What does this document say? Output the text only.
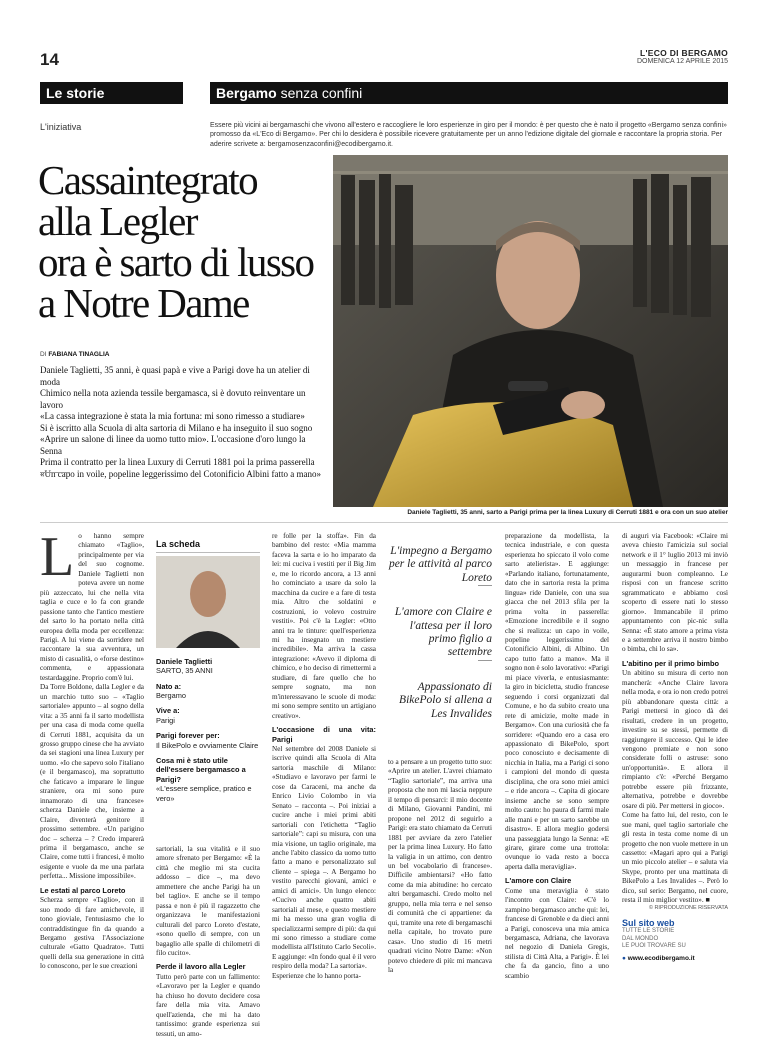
14	L'ECO DI BERGAMO
DOMENICA 12 APRILE 2015
Le storie	Bergamo senza confini
L'iniziativa	Essere più vicini ai bergamaschi che vivono all'estero e raccogliere le loro esperienze in giro per il mondo: è per questo che è nato il progetto «Bergamo senza confini» promosso da «L'Eco di Bergamo». Per chi lo desidera è possibile ricevere gratuitamente per un anno l'edizione digitale del giornale e raccontare la propria storia. Per aderire scrivete a: bergamosenzaconfini@ecodibergamo.it.
Cassaintegrato
alla Legler
ora è sarto di lusso
a Notre Dame
DI FABIANA TINAGLIA

Daniele Taglietti, 35 anni, è quasi papà e vive a Parigi dove ha un atelier di moda

Chimico nella nota azienda tessile bergamasca, si è dovuto reinventare un lavoro

«La cassa integrazione è stata la mia fortuna: mi sono rimesso a studiare»

Si è iscritto alla Scuola di alta sartoria di Milano e ha inseguito il suo sogno

«Aprire un salone di linee da uomo tutto mio». L'occasione d'oro lungo la Senna

Prima il contratto per la linea Luxury di Cerruti 1881 poi la prima passerella

«Un capo in voile, popeline leggerissimo del Cotonificio Albini fatto a mano»

Daniele Taglietti, 35 anni, sarto a Parigi prima per la linea Luxury di Cerruti 1881 e ora con un suo atelier
L o hanno sempre chiamato «Taglio», principalmente per via del suo cognome. Daniele Taglietti non poteva avere un nome più azzeccato, lui che nella vita taglia e cuce e lo fa con grande passione tanto che l'antico mestiere del sarto lo ha portato nella città europea della moda per eccellenza: Parigi. A lui viene da sorridere nel raccontare la sua avventura, un misto di casualità, o «forse destino» commenta, e appassionata testardaggine. Proprio com'è lui.

Da Torre Boldone, dalla Legler e da un marchio tutto suo – «Taglio sartoriale» appunto – al sogno della vita: a 35 anni fa il sarto modellista per una casa di moda come quella di Cerruti 1881, acquisita da un grosso gruppo cinese che ha avviato da sei stagioni una linea Luxury per uomo. «Io che sapevo solo l'italiano (e il bergamasco), ma soprattutto che faticavo a imparare le lingue straniere, ora mi sono pure innamorato di una francese» scherza Daniele che, insieme a Claire, diventerà genitore il prossimo settembre. «Un parigino doc – scherza – ? Credo imparerà prima il bergamasco, anche se Claire, come tutti i francesi, è molto esigente e vuole da me una parlata perfetta... Missione impossibile».

Le estati al parco Loreto

Scherza sempre «Taglio», con il suo modo di fare amichevole, il tono gioviale, l'entusiasmo che lo contraddistingue fin da quando a Bergamo gestiva l'Associazione culturale «Gatto Quadrato». Tutti quelli della sua generazione in città lo conoscono, per le sue creazioni

La scheda
Daniele Taglietti
SARTO, 35 ANNI
Nato a:
Bergamo
Vive a:
Parigi
Parigi forever per:
Il BikePolo e ovviamente Claire
Cosa mi è stato utile dell'essere bergamasco a Parigi?
«L'essere semplice, pratico e vero»

sartoriali, la sua vitalità e il suo amore sfrenato per Bergamo: «È la città che meglio mi sta cucita addosso – dice –, ma devo ammettere che anche Parigi ha un bel taglio». E anche se il tempo passa e non è più il ragazzetto che organizzava le manifestazioni culturali del parco Loreto d'estate, «sono quello di sempre, con un bagaglio alle spalle di chilometri di filo cucito».

Perde il lavoro alla Legler

Tutto però parte con un fallimento: «Lavoravo per la Legler e quando ha chiuso ho dovuto decidere cosa fare della mia vita. Amavo quell'azienda, che mi ha dato tantissimo: grande esperienza sui tessuti, un amo-

re folle per la stoffa». Fin da bambino del resto: «Mia mamma faceva la sarta e io ho imparato da lei: mi cuciva i vestiti per il Big Jim e, me lo ricordo ancora, a 13 anni ho cominciato a usare da solo la macchina da cucire e a fare di testa mia. Altro che soldatini e costruzioni, io volevo costruire vestiti». Poi c'è la Legler: «Otto anni tra le tinture: quell'esperienza mi ha insegnato un mestiere incredibile». Ma arriva la cassa integrazione: «Avevo il diploma di chimico, e ho deciso di rimettermi a studiare, di fare quello che ho sempre sognato, ma non m'interessavano le scuole di moda: mi sono sempre sentito un artigiano creativo».

L'occasione di una vita: Parigi

Nel settembre del 2008 Daniele si iscrive quindi alla Scuola di Alta sartoria maschile di Milano: «Studiavo e lavoravo per farmi le cose da Caraceni, ma anche da Enrico Livio Colombo in via Senato – racconta –. Poi iniziai a cucire anche i miei primi abiti sartoriali con l'etichetta “Taglio sartoriale”: capi su misura, con una mia visione, un taglio originale, ma anche l'abito classico da uomo tutto fatto a mano e personalizzato sul cliente – spiega –. A Bergamo ho vestito parecchi giovani, amici e amici di amici». Un lungo elenco: «Cucivo anche quattro abiti sartoriali al mese, e questo mestiere mi ha messo una gran voglia di specializzarmi sempre di più: da qui mi sono rimesso a studiare come modellista all'Istituto Carlo Secoli». E aggiunge: «In fondo qual è il vero respiro della moda? La sartoria».

Esperienze che lo hanno porta-

L'impegno a Bergamo per le attività al parco Loreto
L'amore con Claire e l'attesa per il loro primo figlio a settembre
Appassionato di BikePolo si allena a Les Invalides

to a pensare a un progetto tutto suo: «Aprire un atelier. L'avrei chiamato “Taglio sartoriale”, ma arriva una proposta che non mi lascia neppure il tempo di pensarci: il mio docente di Milano, Giovanni Pandini, mi propone nel 2012 di seguirlo a Parigi: era stato chiamato da Cerruti 1881 per avviare da zero l'atelier per la prima linea Luxury. Ho fatto la valigia in un attimo, con dentro un bel vocabolario di francese». Difficile ambientarsi? «Ho fatto come da mia abitudine: ho cercato altri bergamaschi. Credo molto nel gruppo, nella mia terra e nel senso di comunità che ci appartiene: da qui, tramite una rete di bergamaschi nella capitale, ho trovato pure casa». Uno studio di 16 metri quadrati vicino Notre Dame: «Non potevo chiedere di più: mi mancava la

preparazione da modellista, la tecnica industriale, e con questa esperienza ho spiccato il volo come sarto atelierista». E aggiunge: «Parlando italiano, fortunatamente, dato che in sartoria resta la prima lingua» ride Daniele, con una sua giacca che nel 2013 sfila per la prima volta in passerella: «Emozione incredibile e il sogno che si realizza: un capo in voile, popeline leggerissimo del Cotonificio Albini, di Albino. Un capo tutto fatto a mano». Ma il sogno non è solo lavorativo: «Parigi mi piace viverla, e entusiasmante: la giro in bicicletta, studio francese seguendo i corsi organizzati dal Comune, e ho da subito creato una rete di amicizie, molte made in Bergamo». Con una curiosità che fa sorridere: «Quando ero a casa ero appassionato di BikePolo, sport poco conosciuto e decisamente di nicchia in Italia, ma a Parigi ci sono i campioni del mondo di questa disciplina, che ora sono miei amici – e ride ancora –. Capita di giocare insieme anche se sono sempre molto cauto: ho paura di farmi male alle mani e per un sarto sarebbe un disastro». E allora meglio godersi una passeggiata lungo la Senna: «E girare, girare come una trottola: ovunque io vada resto a bocca aperta dalla meraviglia».

L'amore con Claire

Come una meraviglia è stato l'incontro con Claire: «C'è lo zampino bergamasco anche qui: lei, francese di Grenoble e da dieci anni a Parigi, conosceva una mia amica bergamasca, Adriana, che lavorava nel negozio di Daniela Gregis, stilista di Città Alta, a Parigi». È lei che fa da gancio, fino a uno scambio

di auguri via Facebook: «Claire mi aveva chiesto l'amicizia sul social network e il 1° luglio 2013 mi inviò un messaggio in francese per augurarmi buon compleanno. Le risposi con un francese scritto sgrammaticato e abbiamo così scoperto di essere nati lo stesso giorno». Immancabile il primo appuntamento con pic-nic sulla Senna: «È stato amore a prima vista e a settembre arriva il nostro bimbo o bimba, chi lo sa».

L'abitino per il primo bimbo

Un abitino su misura di certo non mancherà: «Anche Claire lavora nella moda, e ora io non credo potrei più abbandonare questa città: a Parigi mettersi in gioco dà dei risultati, credere in un progetto, investire su se stessi, permette di raggiungere il successo. Qui le idee vengono premiate e non sono considerate folli o astruse: sono un'opportunità». E allora il rimpianto c'è: «Perché Bergamo potrebbe essere più frizzante, alternativa, potrebbe e dovrebbe osare di più. Per mettersi in gioco».

Come ha fatto lui, del resto, con le sue mani, quel taglio sartoriale che gli resta in testa come nome di un progetto che non vuole mettere in un cassetto: «Magari apro qui a Parigi un mio piccolo atelier – e saluta via Skype, pronto per una mattinata di BikePolo a Les Invalides –. Però lo dico, sul serio: Bergamo, nel cuore, resta il mio miglior vestito». ■

© RIPRODUZIONE RISERVATA
Sul sito web
TUTTE LE STORIE
DAL MONDO
LE PUOI TROVARE SU
● www.ecodibergamo.it
